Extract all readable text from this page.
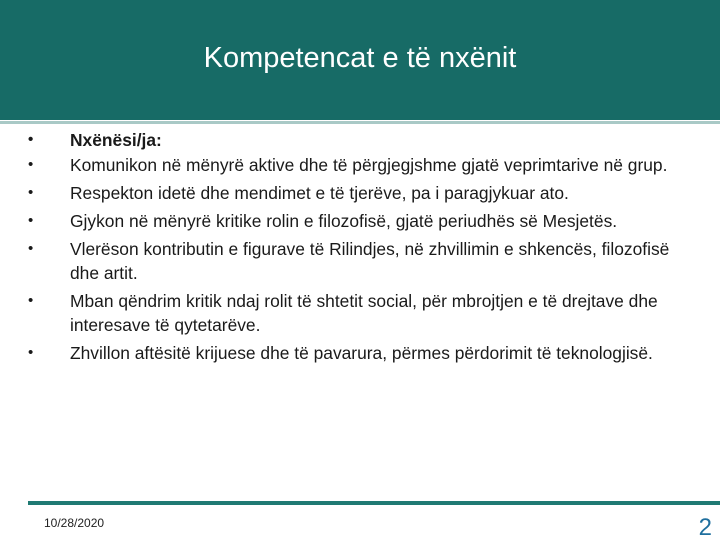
Kompetencat e të nxënit
•	Nxënësi/ja:
•	Komunikon në mënyrë aktive dhe të përgjegjshme gjatë veprimtarive në grup.
•	Respekton idetë dhe mendimet e të tjerëve, pa i paragjykuar ato.
•	Gjykon në mënyrë kritike rolin e filozofisë, gjatë periudhës së Mesjetës.
•	Vlerëson kontributin e figurave të Rilindjes, në zhvillimin e shkencës, filozofisë dhe artit.
•	Mban qëndrim kritik ndaj rolit të shtetit social, për mbrojtjen e të drejtave dhe interesave të qytetarëve.
•	Zhvillon aftësitë krijuese dhe të pavarura, përmes përdorimit të teknologjisë.
10/28/2020	2
